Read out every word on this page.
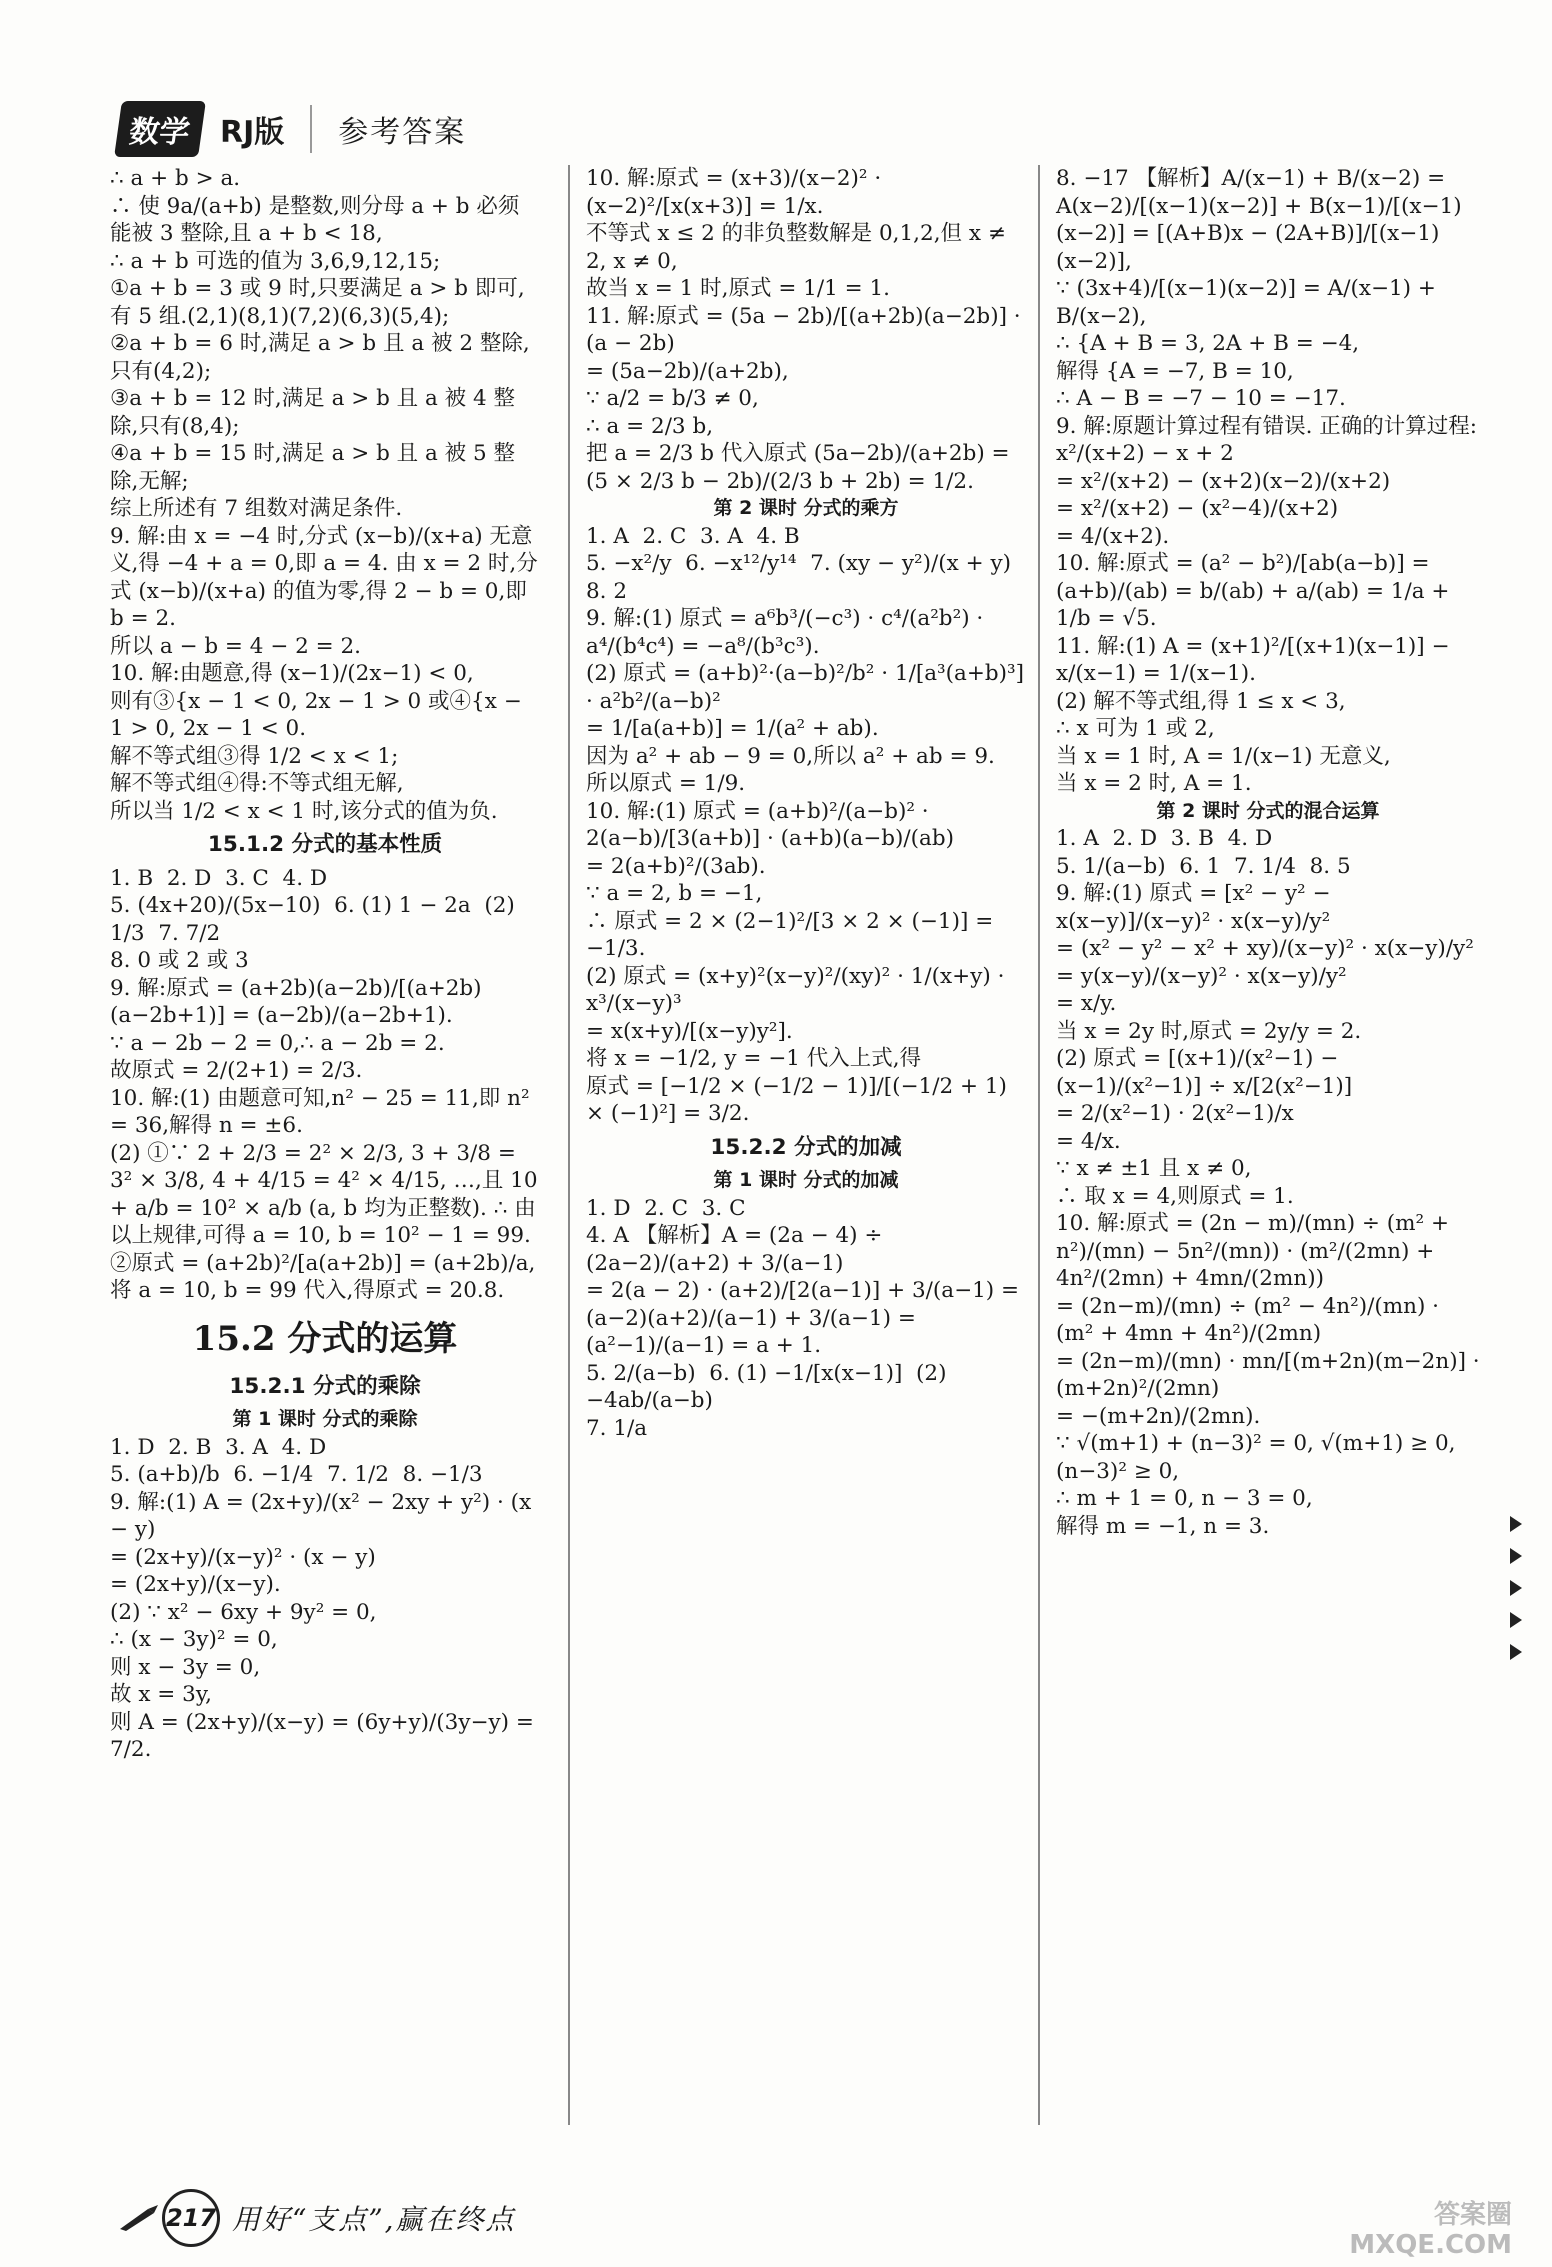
数学 RJ版 参考答案
∴ a + b > a.
∴ 使 9a/(a+b) 是整数,则分母 a + b 必须能被 3 整除,且 a + b < 18,
∴ a + b 可选的值为 3,6,9,12,15;
①a + b = 3 或 9 时,只要满足 a > b 即可,有 5 组.(2,1)(8,1)(7,2)(6,3)(5,4);
②a + b = 6 时,满足 a > b 且 a 被 2 整除,只有(4,2);
③a + b = 12 时,满足 a > b 且 a 被 4 整除,只有(8,4);
④a + b = 15 时,满足 a > b 且 a 被 5 整除,无解;
综上所述有 7 组数对满足条件.
9. 解:由 x = −4 时,分式 (x−b)/(x+a) 无意义,得 −4 + a = 0,即 a = 4. 由 x = 2 时,分式 (x−b)/(x+a) 的值为零,得 2 − b = 0,即 b = 2.
所以 a − b = 4 − 2 = 2.
10. 解:由题意,得 (x−1)/(2x−1) < 0,
则有③{x − 1 < 0, 2x − 1 > 0 或④{x − 1 > 0, 2x − 1 < 0.
解不等式组③得 1/2 < x < 1;
解不等式组④得:不等式组无解,
所以当 1/2 < x < 1 时,该分式的值为负.
15.1.2 分式的基本性质
1. B  2. D  3. C  4. D
5. (4x+20)/(5x−10)  6. (1) 1 − 2a  (2) 1/3  7. 7/2
8. 0 或 2 或 3
9. 解:原式 = (a+2b)(a−2b)/[(a+2b)(a−2b+1)] = (a−2b)/(a−2b+1).
∵ a − 2b − 2 = 0,∴ a − 2b = 2.
故原式 = 2/(2+1) = 2/3.
10. 解:(1) 由题意可知,n² − 25 = 11,即 n² = 36,解得 n = ±6.
(2) ①∵ 2 + 2/3 = 2² × 2/3, 3 + 3/8 = 3² × 3/8, 4 + 4/15 = 4² × 4/15, …,且 10 + a/b = 10² × a/b (a, b 均为正整数). ∴ 由以上规律,可得 a = 10, b = 10² − 1 = 99.
②原式 = (a+2b)²/[a(a+2b)] = (a+2b)/a,
将 a = 10, b = 99 代入,得原式 = 20.8.
15.2 分式的运算
15.2.1 分式的乘除
第 1 课时 分式的乘除
1. D  2. B  3. A  4. D
5. (a+b)/b  6. −1/4  7. 1/2  8. −1/3
9. 解:(1) A = (2x+y)/(x² − 2xy + y²) · (x − y)
= (2x+y)/(x−y)² · (x − y)
= (2x+y)/(x−y).
(2) ∵ x² − 6xy + 9y² = 0,
∴ (x − 3y)² = 0,
则 x − 3y = 0,
故 x = 3y,
则 A = (2x+y)/(x−y) = (6y+y)/(3y−y) = 7/2.
10. 解:原式 = (x+3)/(x−2)² · (x−2)²/[x(x+3)] = 1/x.
不等式 x ≤ 2 的非负整数解是 0,1,2,但 x ≠ 2, x ≠ 0,
故当 x = 1 时,原式 = 1/1 = 1.
11. 解:原式 = (5a − 2b)/[(a+2b)(a−2b)] · (a − 2b)
= (5a−2b)/(a+2b),
∵ a/2 = b/3 ≠ 0,
∴ a = 2/3 b,
把 a = 2/3 b 代入原式 (5a−2b)/(a+2b) = (5 × 2/3 b − 2b)/(2/3 b + 2b) = 1/2.
第 2 课时 分式的乘方
1. A  2. C  3. A  4. B
5. −x²/y  6. −x¹²/y¹⁴  7. (xy − y²)/(x + y)  8. 2
9. 解:(1) 原式 = a⁶b³/(−c³) · c⁴/(a²b²) · a⁴/(b⁴c⁴) = −a⁸/(b³c³).
(2) 原式 = (a+b)²·(a−b)²/b² · 1/[a³(a+b)³] · a²b²/(a−b)²
= 1/[a(a+b)] = 1/(a² + ab).
因为 a² + ab − 9 = 0,所以 a² + ab = 9.
所以原式 = 1/9.
10. 解:(1) 原式 = (a+b)²/(a−b)² · 2(a−b)/[3(a+b)] · (a+b)(a−b)/(ab)
= 2(a+b)²/(3ab).
∵ a = 2, b = −1,
∴ 原式 = 2 × (2−1)²/[3 × 2 × (−1)] = −1/3.
(2) 原式 = (x+y)²(x−y)²/(xy)² · 1/(x+y) · x³/(x−y)³
= x(x+y)/[(x−y)y²].
将 x = −1/2, y = −1 代入上式,得
原式 = [−1/2 × (−1/2 − 1)]/[(−1/2 + 1) × (−1)²] = 3/2.
15.2.2 分式的加减
第 1 课时 分式的加减
1. D  2. C  3. C
4. A 【解析】A = (2a − 4) ÷ (2a−2)/(a+2) + 3/(a−1)
= 2(a − 2) · (a+2)/[2(a−1)] + 3/(a−1) = (a−2)(a+2)/(a−1) + 3/(a−1) = (a²−1)/(a−1) = a + 1.
5. 2/(a−b)  6. (1) −1/[x(x−1)]  (2) −4ab/(a−b)
7. 1/a
8. −17 【解析】A/(x−1) + B/(x−2) = A(x−2)/[(x−1)(x−2)] + B(x−1)/[(x−1)(x−2)] = [(A+B)x − (2A+B)]/[(x−1)(x−2)],
∵ (3x+4)/[(x−1)(x−2)] = A/(x−1) + B/(x−2),
∴ {A + B = 3, 2A + B = −4,
解得 {A = −7, B = 10,
∴ A − B = −7 − 10 = −17.
9. 解:原题计算过程有错误. 正确的计算过程: x²/(x+2) − x + 2
= x²/(x+2) − (x+2)(x−2)/(x+2)
= x²/(x+2) − (x²−4)/(x+2)
= 4/(x+2).
10. 解:原式 = (a² − b²)/[ab(a−b)] = (a+b)/(ab) = b/(ab) + a/(ab) = 1/a + 1/b = √5.
11. 解:(1) A = (x+1)²/[(x+1)(x−1)] − x/(x−1) = 1/(x−1).
(2) 解不等式组,得 1 ≤ x < 3,
∴ x 可为 1 或 2,
当 x = 1 时, A = 1/(x−1) 无意义,
当 x = 2 时, A = 1.
第 2 课时 分式的混合运算
1. A  2. D  3. B  4. D
5. 1/(a−b)  6. 1  7. 1/4  8. 5
9. 解:(1) 原式 = [x² − y² − x(x−y)]/(x−y)² · x(x−y)/y²
= (x² − y² − x² + xy)/(x−y)² · x(x−y)/y²
= y(x−y)/(x−y)² · x(x−y)/y²
= x/y.
当 x = 2y 时,原式 = 2y/y = 2.
(2) 原式 = [(x+1)/(x²−1) − (x−1)/(x²−1)] ÷ x/[2(x²−1)]
= 2/(x²−1) · 2(x²−1)/x
= 4/x.
∵ x ≠ ±1 且 x ≠ 0,
∴ 取 x = 4,则原式 = 1.
10. 解:原式 = (2n − m)/(mn) ÷ (m² + n²)/(mn) − 5n²/(mn)) · (m²/(2mn) + 4n²/(2mn) + 4mn/(2mn))
= (2n−m)/(mn) ÷ (m² − 4n²)/(mn) · (m² + 4mn + 4n²)/(2mn)
= (2n−m)/(mn) · mn/[(m+2n)(m−2n)] · (m+2n)²/(2mn)
= −(m+2n)/(2mn).
∵ √(m+1) + (n−3)² = 0, √(m+1) ≥ 0, (n−3)² ≥ 0,
∴ m + 1 = 0, n − 3 = 0,
解得 m = −1, n = 3.
217 用好“支点”,赢在终点	答案圈
MXQE.COM
